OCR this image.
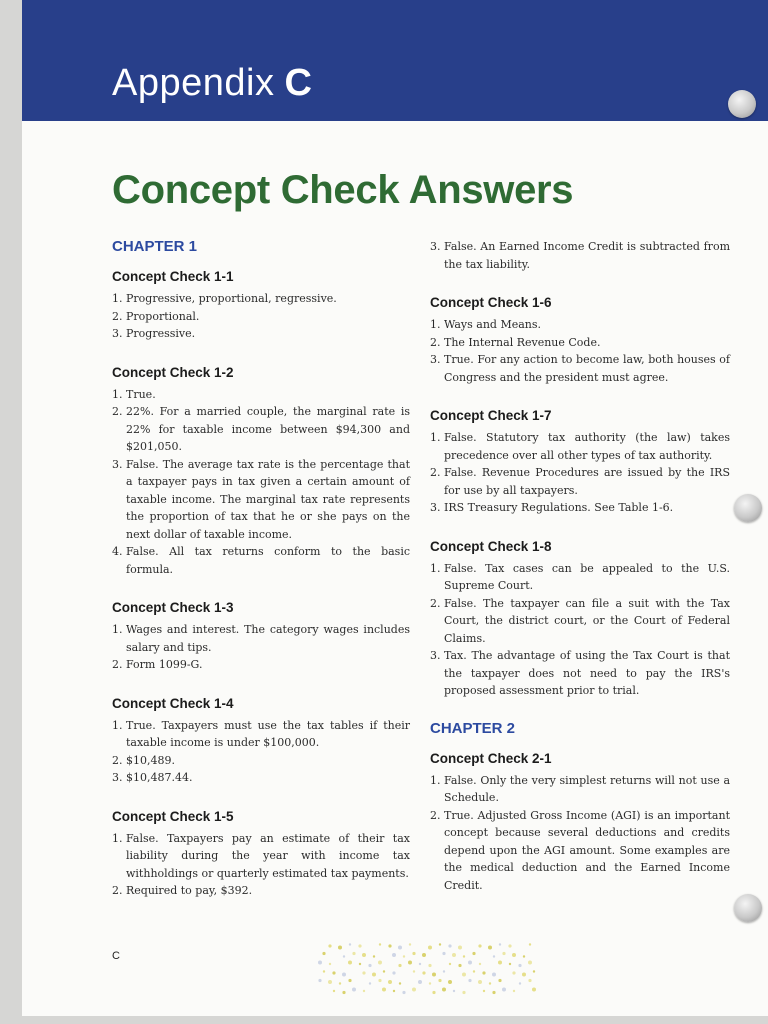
Appendix C
Concept Check Answers
CHAPTER 1
Concept Check 1-1
1. Progressive, proportional, regressive.
2. Proportional.
3. Progressive.
Concept Check 1-2
1. True.
2. 22%. For a married couple, the marginal rate is 22% for taxable income between $94,300 and $201,050.
3. False. The average tax rate is the percentage that a taxpayer pays in tax given a certain amount of taxable income. The marginal tax rate represents the proportion of tax that he or she pays on the next dollar of taxable income.
4. False. All tax returns conform to the basic formula.
Concept Check 1-3
1. Wages and interest. The category wages includes salary and tips.
2. Form 1099-G.
Concept Check 1-4
1. True. Taxpayers must use the tax tables if their taxable income is under $100,000.
2. $10,489.
3. $10,487.44.
Concept Check 1-5
1. False. Taxpayers pay an estimate of their tax liability during the year with income tax withholdings or quarterly estimated tax payments.
2. Required to pay, $392.
3. False. An Earned Income Credit is subtracted from the tax liability.
Concept Check 1-6
1. Ways and Means.
2. The Internal Revenue Code.
3. True. For any action to become law, both houses of Congress and the president must agree.
Concept Check 1-7
1. False. Statutory tax authority (the law) takes precedence over all other types of tax authority.
2. False. Revenue Procedures are issued by the IRS for use by all taxpayers.
3. IRS Treasury Regulations. See Table 1-6.
Concept Check 1-8
1. False. Tax cases can be appealed to the U.S. Supreme Court.
2. False. The taxpayer can file a suit with the Tax Court, the district court, or the Court of Federal Claims.
3. Tax. The advantage of using the Tax Court is that the taxpayer does not need to pay the IRS's proposed assessment prior to trial.
CHAPTER 2
Concept Check 2-1
1. False. Only the very simplest returns will not use a Schedule.
2. True. Adjusted Gross Income (AGI) is an important concept because several deductions and credits depend upon the AGI amount. Some examples are the medical deduction and the Earned Income Credit.
C
